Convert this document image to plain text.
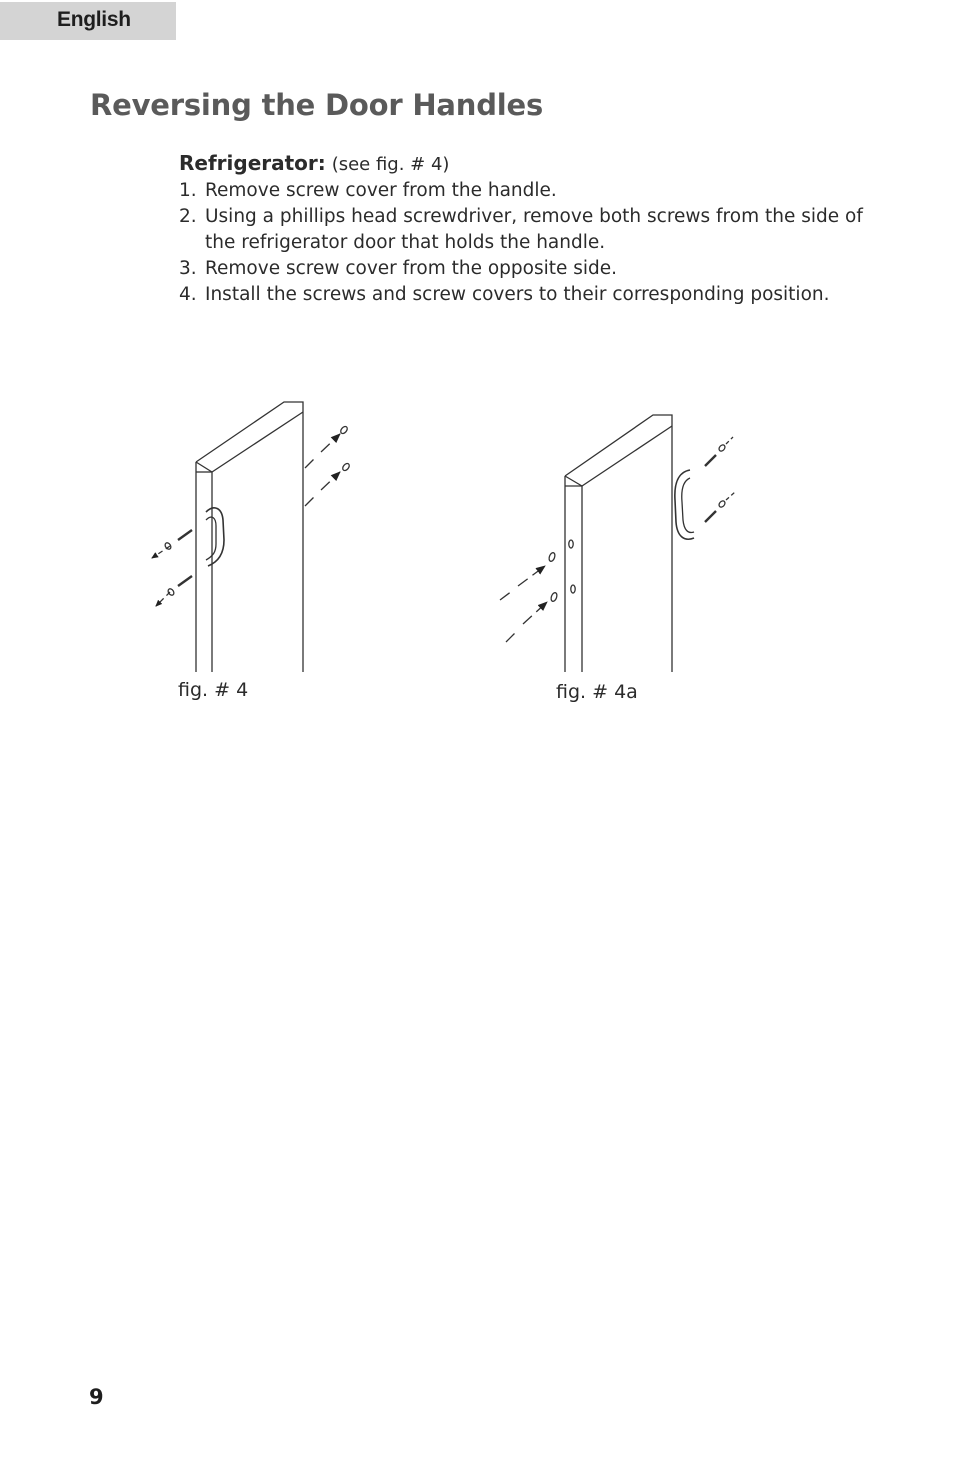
English
Reversing the Door Handles
Refrigerator: (see fig. # 4)
1. Remove screw cover from the handle.
2. Using a phillips head screwdriver, remove both screws from the side of the refrigerator door that holds the handle.
3. Remove screw cover from the opposite side.
4. Install the screws and screw covers to their corresponding position.
fig. # 4	fig. # 4a
9
